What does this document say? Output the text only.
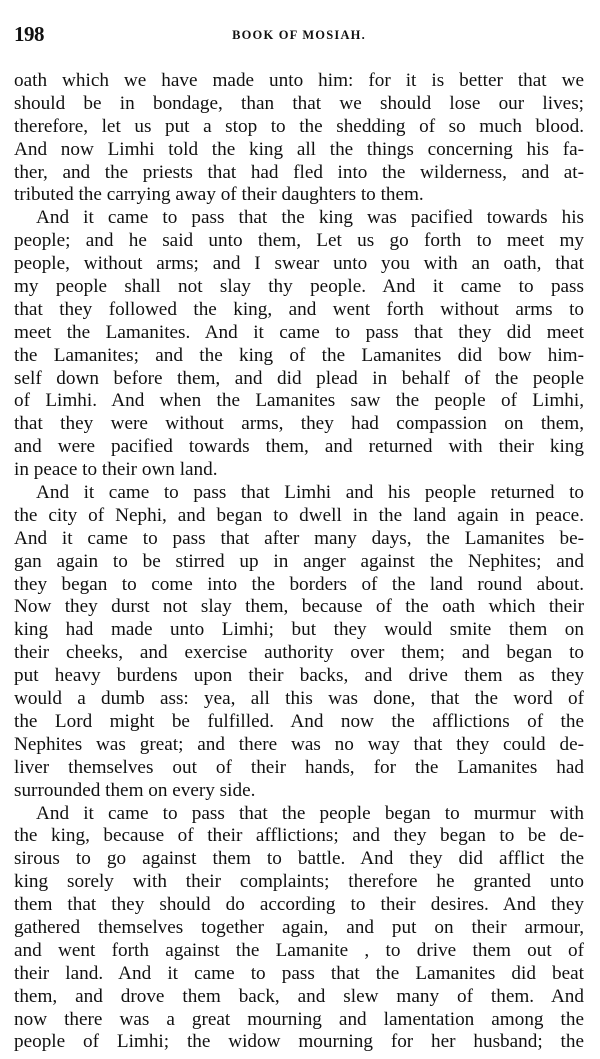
198	BOOK OF MOSIAH.
oath which we have made unto him: for it is better that we
should be in bondage, than that we should lose our lives;
therefore, let us put a stop to the shedding of so much blood.
And now Limhi told the king all the things concerning his fa-
ther, and the priests that had fled into the wilderness, and at-
tributed the carrying away of their daughters to them.
And it came to pass that the king was pacified towards his
people; and he said unto them, Let us go forth to meet my
people, without arms; and I swear unto you with an oath, that
my people shall not slay thy people. And it came to pass
that they followed the king, and went forth without arms to
meet the Lamanites. And it came to pass that they did meet
the Lamanites; and the king of the Lamanites did bow him-
self down before them, and did plead in behalf of the people
of Limhi. And when the Lamanites saw the people of Limhi,
that they were without arms, they had compassion on them,
and were pacified towards them, and returned with their king
in peace to their own land.
And it came to pass that Limhi and his people returned to
the city of Nephi, and began to dwell in the land again in peace.
And it came to pass that after many days, the Lamanites be-
gan again to be stirred up in anger against the Nephites; and
they began to come into the borders of the land round about.
Now they durst not slay them, because of the oath which their
king had made unto Limhi; but they would smite them on
their cheeks, and exercise authority over them; and began to
put heavy burdens upon their backs, and drive them as they
would a dumb ass: yea, all this was done, that the word of
the Lord might be fulfilled. And now the afflictions of the
Nephites was great; and there was no way that they could de-
liver themselves out of their hands, for the Lamanites had
surrounded them on every side.
And it came to pass that the people began to murmur with
the king, because of their afflictions; and they began to be de-
sirous to go against them to battle. And they did afflict the
king sorely with their complaints; therefore he granted unto
them that they should do according to their desires. And they
gathered themselves together again, and put on their armour,
and went forth against the Lamanite , to drive them out of
their land. And it came to pass that the Lamanites did beat
them, and drove them back, and slew many of them. And
now there was a great mourning and lamentation among the
people of Limhi; the widow mourning for her husband; the
